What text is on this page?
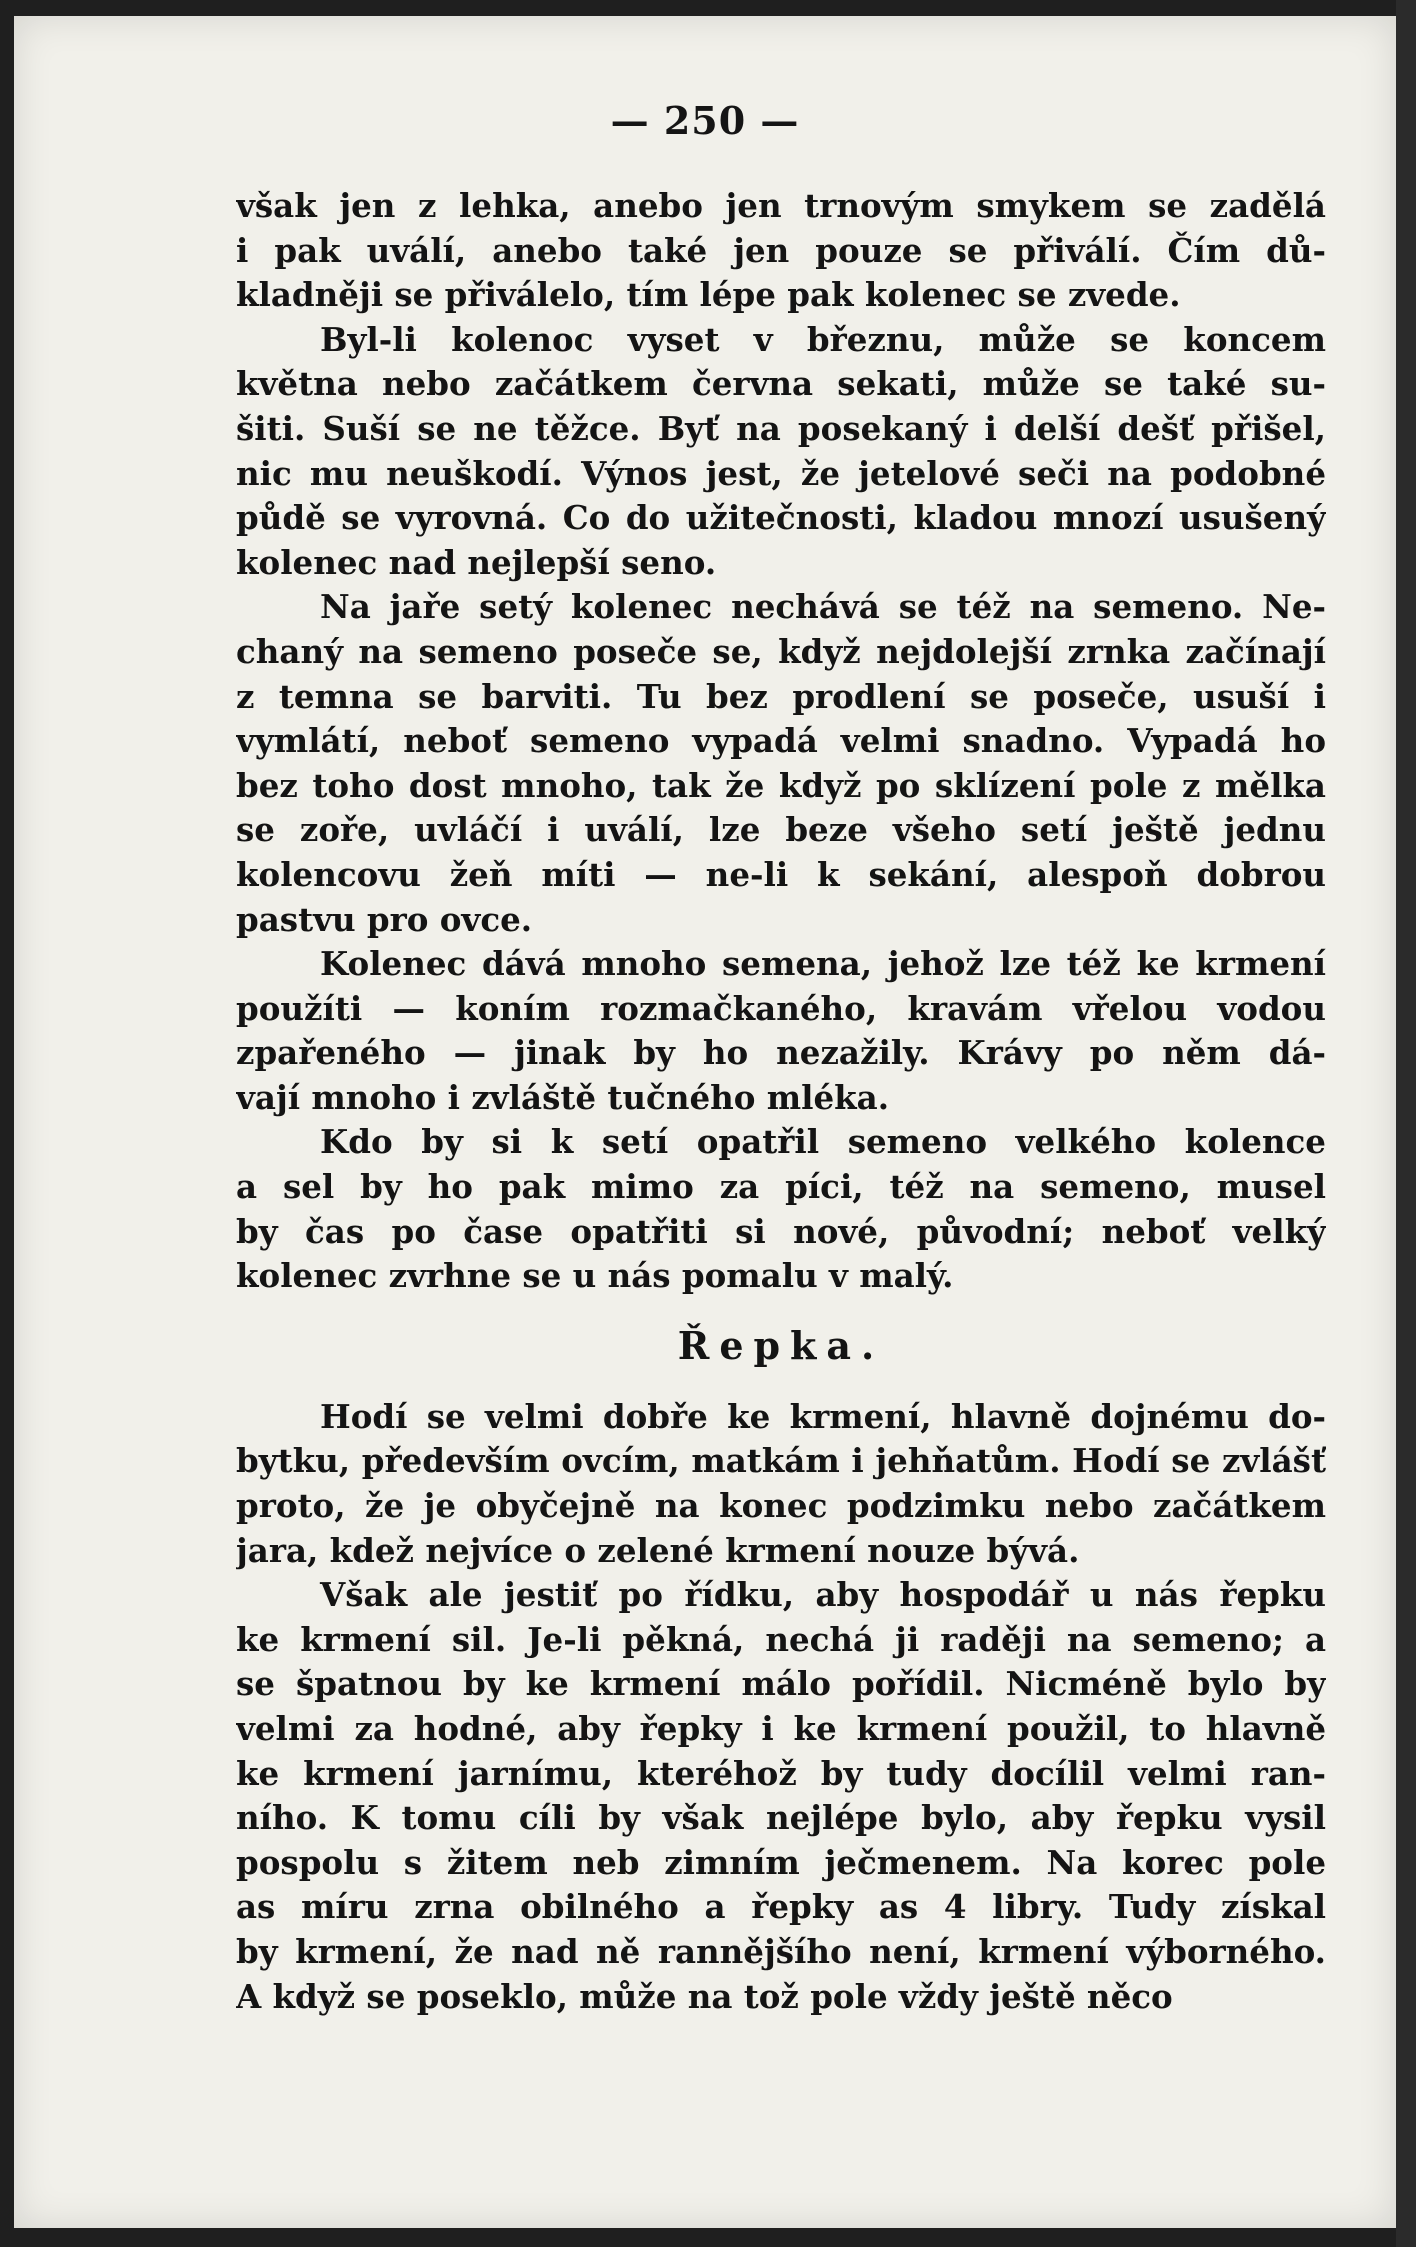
— 250 —
však jen z lehka, anebo jen trnovým smykem se zadělá
i pak uválí, anebo také jen pouze se přiválí. Čím dů-
kladněji se přiválelo, tím lépe pak kolenec se zvede.
Byl-li kolenoc vyset v březnu, může se koncem
května nebo začátkem června sekati, může se také su-
šiti. Suší se ne těžce. Byť na posekaný i delší dešť přišel,
nic mu neuškodí. Výnos jest, že jetelové seči na podobné
půdě se vyrovná. Co do užitečnosti, kladou mnozí usušený
kolenec nad nejlepší seno.
Na jaře setý kolenec nechává se též na semeno. Ne-
chaný na semeno poseče se, když nejdolejší zrnka začínají
z temna se barviti. Tu bez prodlení se poseče, usuší i
vymlátí, neboť semeno vypadá velmi snadno. Vypadá ho
bez toho dost mnoho, tak že když po sklízení pole z mělka
se zoře, uvláčí i uválí, lze beze všeho setí ještě jednu
kolencovu žeň míti — ne-li k sekání, alespoň dobrou
pastvu pro ovce.
Kolenec dává mnoho semena, jehož lze též ke krmení
použíti — koním rozmačkaného, kravám vřelou vodou
zpařeného — jinak by ho nezažily. Krávy po něm dá-
vají mnoho i zvláště tučného mléka.
Kdo by si k setí opatřil semeno velkého kolence
a sel by ho pak mimo za píci, též na semeno, musel
by čas po čase opatřiti si nové, původní; neboť velký
kolenec zvrhne se u nás pomalu v malý.
Řepka.
Hodí se velmi dobře ke krmení, hlavně dojnému do-
bytku, především ovcím, matkám i jehňatům. Hodí se zvlášť
proto, že je obyčejně na konec podzimku nebo začátkem
jara, kdež nejvíce o zelené krmení nouze bývá.
Však ale jestiť po řídku, aby hospodář u nás řepku
ke krmení sil. Je-li pěkná, nechá ji raději na semeno; a
se špatnou by ke krmení málo pořídil. Nicméně bylo by
velmi za hodné, aby řepky i ke krmení použil, to hlavně
ke krmení jarnímu, kteréhož by tudy docílil velmi ran-
ního. K tomu cíli by však nejlépe bylo, aby řepku vysil
pospolu s žitem neb zimním ječmenem. Na korec pole
as míru zrna obilného a řepky as 4 libry. Tudy získal
by krmení, že nad ně rannějšího není, krmení výborného.
A když se poseklo, může na tož pole vždy ještě něco
